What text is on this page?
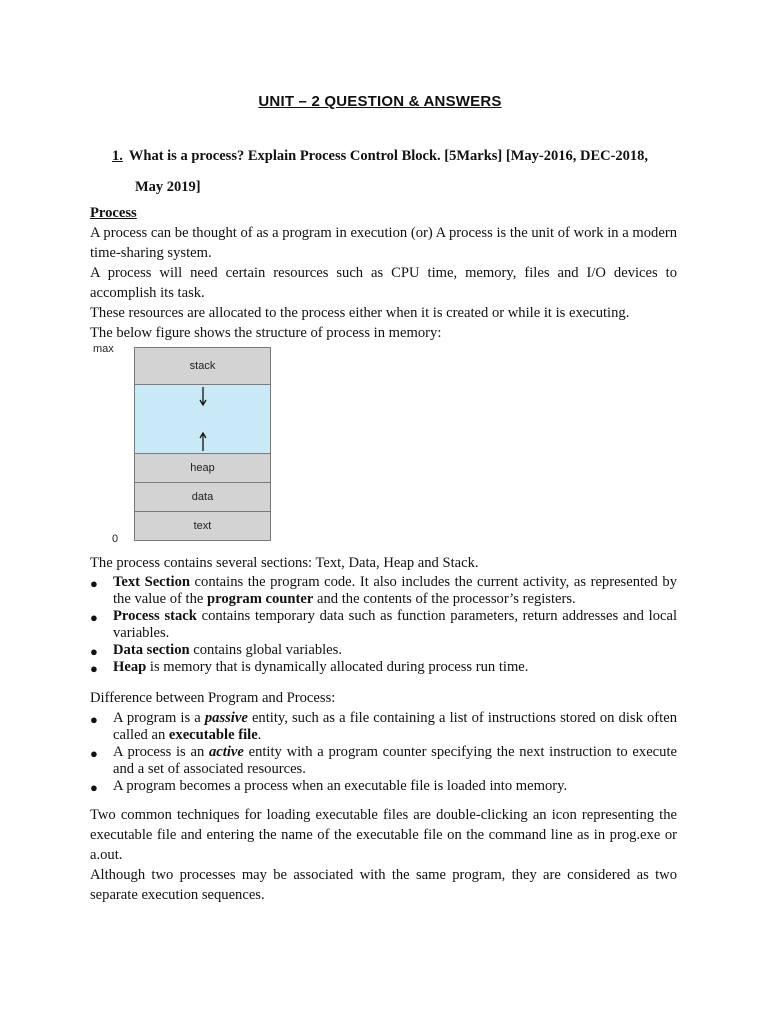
UNIT – 2 QUESTION & ANSWERS
1. What is a process? Explain Process Control Block. [5Marks] [May-2016, DEC-2018,
May 2019]
Process
A process can be thought of as a program in execution (or) A process is the unit of work in a modern time-sharing system.
A process will need certain resources such as CPU time, memory, files and I/O devices to accomplish its task.
These resources are allocated to the process either when it is created or while it is executing.
The below figure shows the structure of process in memory:
max
stack
heap
data
text
0
The process contains several sections: Text, Data, Heap and Stack.
● Text Section contains the program code. It also includes the current activity, as represented by the value of the program counter and the contents of the processor’s registers.
● Process stack contains temporary data such as function parameters, return addresses and local variables.
● Data section contains global variables.
● Heap is memory that is dynamically allocated during process run time.
Difference between Program and Process:
● A program is a passive entity, such as a file containing a list of instructions stored on disk often called an executable file.
● A process is an active entity with a program counter specifying the next instruction to execute and a set of associated resources.
● A program becomes a process when an executable file is loaded into memory.
Two common techniques for loading executable files are double-clicking an icon representing the executable file and entering the name of the executable file on the command line as in prog.exe or a.out.
Although two processes may be associated with the same program, they are considered as two separate execution sequences.
